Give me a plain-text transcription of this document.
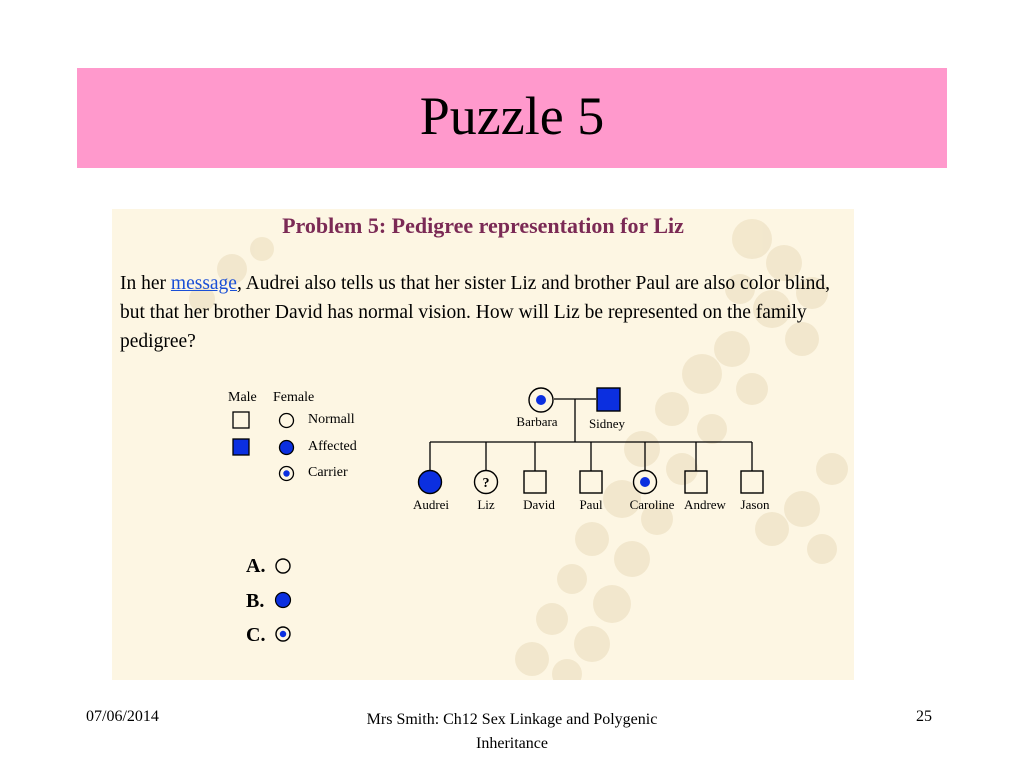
Puzzle 5
Problem 5: Pedigree representation for Liz
In her message, Audrei also tells us that her sister Liz and brother Paul are also color blind, but that her brother David has normal vision. How will Liz be represented on the family pedigree?
Male Female
Normall
Affected
Carrier
Barbara Sidney
Audrei
?
Liz David Paul Caroline Andrew Jason
A.
B.
C.
07/06/2014	Mrs Smith: Ch12 Sex Linkage and Polygenic Inheritance
25
